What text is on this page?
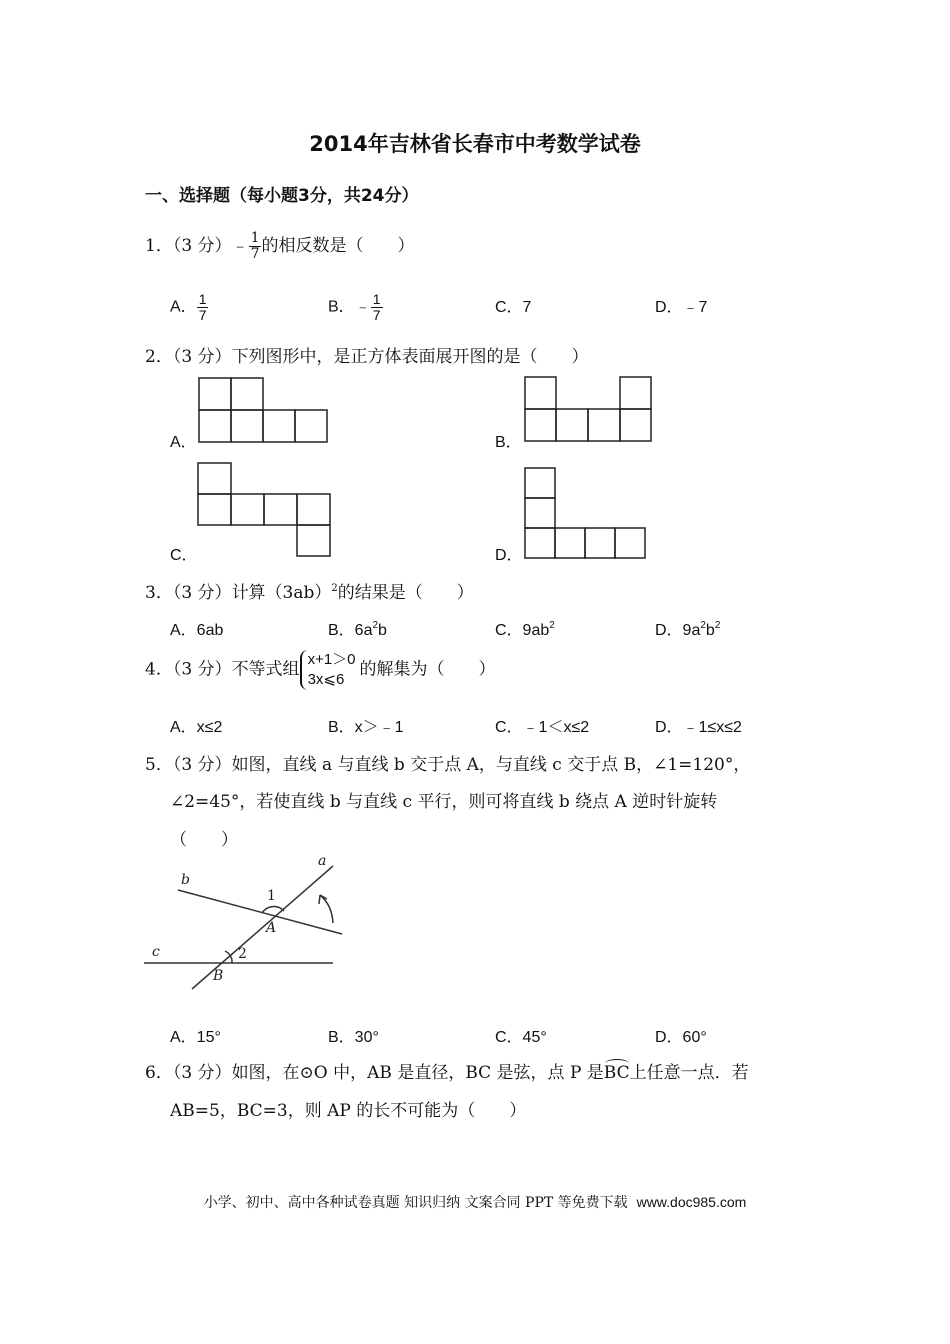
2014年吉林省长春市中考数学试卷
一、选择题（每小题3分，共24分）
1．（3 分）﹣ $\frac{1}{7}$ 的相反数是（　　）
A． $\frac{1}{7}$	B．﹣ $\frac{1}{7}$	C．7	D．﹣7
2．（3 分）下列图形中，是正方体表面展开图的是（　　）
A．	B．
C．	D．
3．（3 分）计算$(3ab)^2$的结果是（　　）
A．6ab	B．$6a^2b$	C．$9ab^2$	D．$9a^2b^2$
4．（3 分）不等式组 x+1＞0
3x⩽6 的解集为（　　）
A．x≤2	B．x＞﹣1	C．﹣1＜x≤2	D．﹣1≤x≤2
5．（3 分）如图，直线 a 与直线 b 交于点 A，与直线 c 交于点 B，∠1=120°，
∠2=45°，若使直线 b 与直线 c 平行，则可将直线 b 绕点 A 逆时针旋转
（　　）
a
b
c
A
B
1
2
A．15°	B．30°	C．45°	D．60°
6．（3 分）如图，在⊙O 中，AB 是直径，BC 是弦，点 P 是BC上任意一点．若
AB=5，BC=3，则 AP 的长不可能为（　　）
小学、初中、高中各种试卷真题 知识归纳 文案合同 PPT 等免费下载 www.doc985.com
